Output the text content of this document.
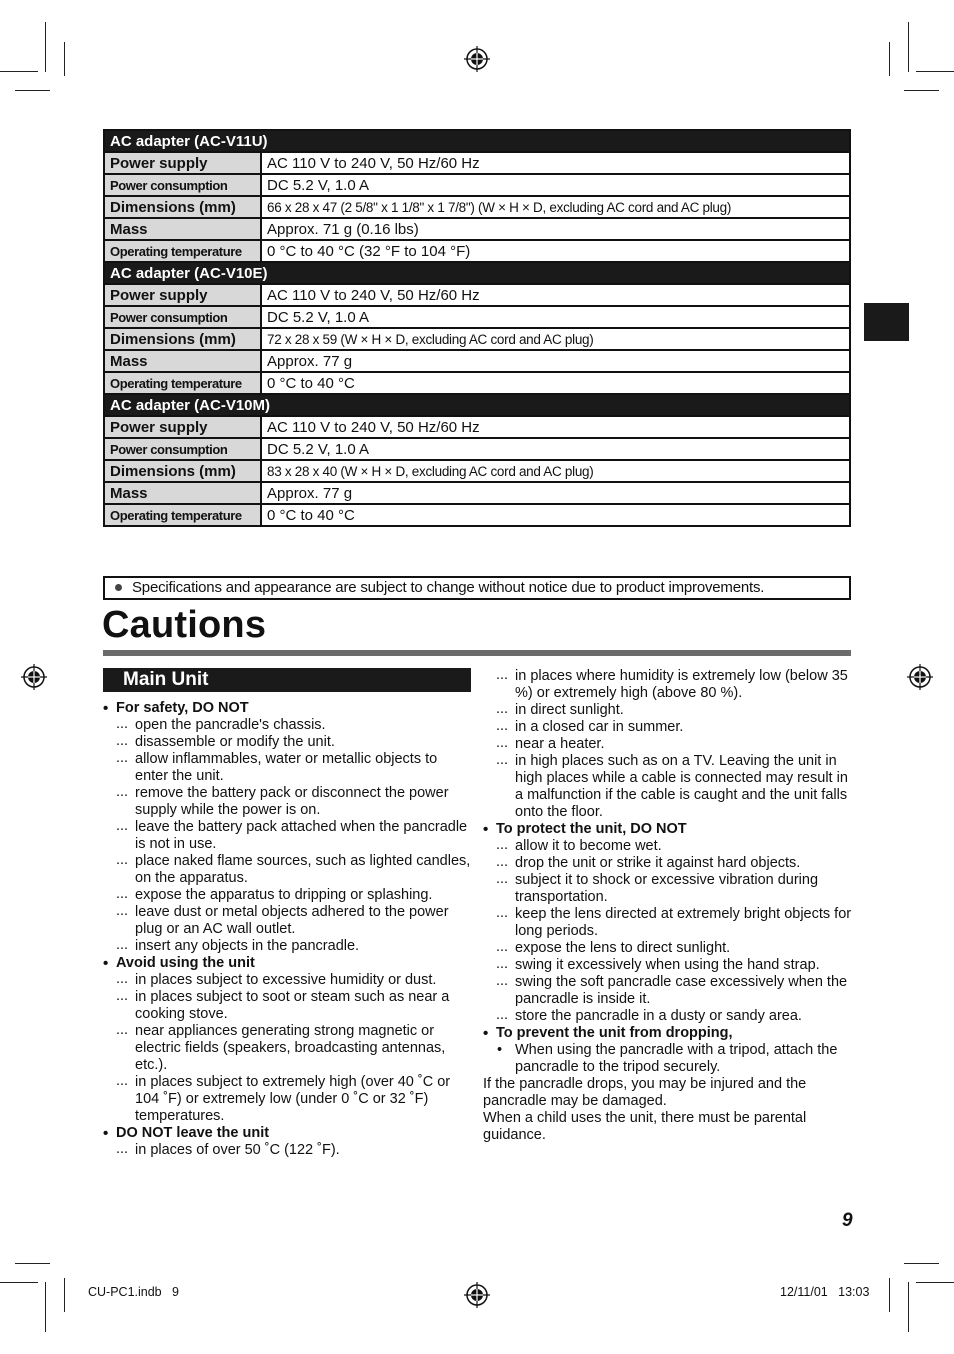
AC adapter (AC-V11U)	
Power supply	AC 110 V to 240 V, 50 Hz/60 Hz
Power consumption	DC 5.2 V, 1.0 A
Dimensions (mm)	66 x 28 x 47 (2 5/8" x 1 1/8" x 1 7/8") (W × H × D, excluding AC cord and AC plug)
Mass	Approx. 71 g (0.16 lbs)
Operating temperature	0 °C to 40 °C (32 °F to 104 °F)
AC adapter (AC-V10E)	
Power supply	AC 110 V to 240 V, 50 Hz/60 Hz
Power consumption	DC 5.2 V, 1.0 A
Dimensions (mm)	72 x 28 x 59 (W × H × D, excluding AC cord and AC plug)
Mass	Approx. 77 g
Operating temperature	0 °C to 40 °C
AC adapter (AC-V10M)	
Power supply	AC 110 V to 240 V, 50 Hz/60 Hz
Power consumption	DC 5.2 V, 1.0 A
Dimensions (mm)	83 x 28 x 40 (W × H × D, excluding AC cord and AC plug)
Mass	Approx. 77 g
Operating temperature	0 °C to 40 °C
Specifications and appearance are subject to change without notice due to product improvements.
Cautions
Main Unit
• For safety, DO NOT
... open the pancradle's chassis.
... disassemble or modify the unit.
... allow inflammables, water or metallic objects to enter the unit.
... remove the battery pack or disconnect the power supply while the power is on.
... leave the battery pack attached when the pancradle is not in use.
... place naked flame sources, such as lighted candles, on the apparatus.
... expose the apparatus to dripping or splashing.
... leave dust or metal objects adhered to the power plug or an AC wall outlet.
... insert any objects in the pancradle.
• Avoid using the unit
... in places subject to excessive humidity or dust.
... in places subject to soot or steam such as near a cooking stove.
... near appliances generating strong magnetic or electric fields (speakers, broadcasting antennas, etc.).
... in places subject to extremely high (over 40 ˚C or 104 ˚F) or extremely low (under 0 ˚C or 32 ˚F) temperatures.
• DO NOT leave the unit
... in places of over 50 ˚C (122 ˚F).
... in places where humidity is extremely low (below 35 %) or extremely high (above 80 %).
... in direct sunlight.
... in a closed car in summer.
... near a heater.
... in high places such as on a TV. Leaving the unit in high places while a cable is connected may result in a malfunction if the cable is caught and the unit falls onto the floor.
• To protect the unit, DO NOT
... allow it to become wet.
... drop the unit or strike it against hard objects.
... subject it to shock or excessive vibration during transportation.
... keep the lens directed at extremely bright objects for long periods.
... expose the lens to direct sunlight.
... swing it excessively when using the hand strap.
... swing the soft pancradle case excessively when the pancradle is inside it.
... store the pancradle in a dusty or sandy area.
• To prevent the unit from dropping,
• When using the pancradle with a tripod, attach the pancradle to the tripod securely.
If the pancradle drops, you may be injured and the pancradle may be damaged.
When a child uses the unit, there must be parental guidance.
9
CU-PC1.indb   9	12/11/01   13:03
